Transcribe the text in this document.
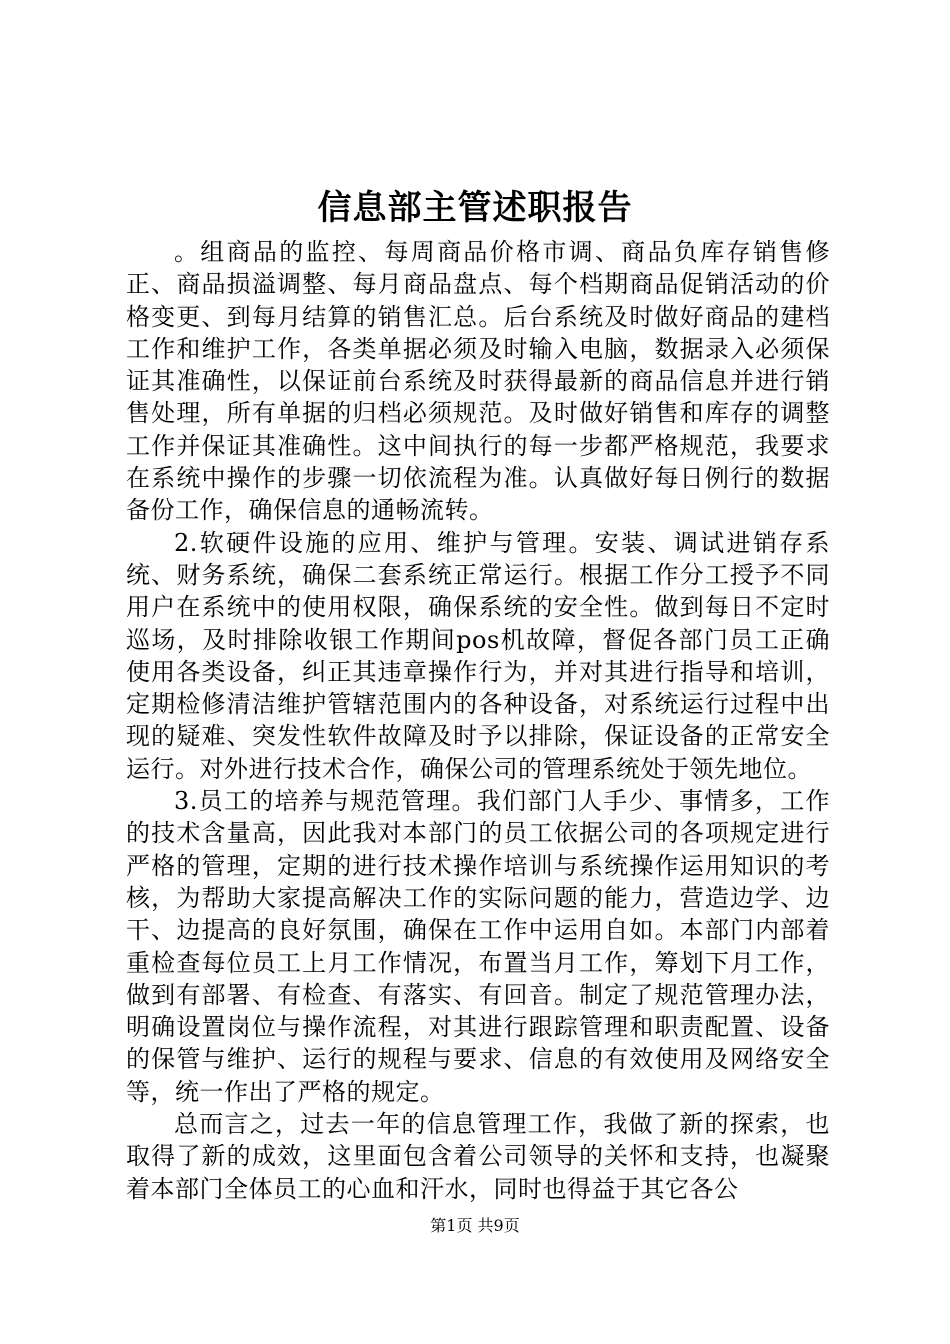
信息部主管述职报告

。组商品的监控、每周商品价格市调、商品负库存销售修正、商品损溢调整、每月商品盘点、每个档期商品促销活动的价格变更、到每月结算的销售汇总。后台系统及时做好商品的建档工作和维护工作，各类单据必须及时输入电脑，数据录入必须保证其准确性，以保证前台系统及时获得最新的商品信息并进行销售处理，所有单据的归档必须规范。及时做好销售和库存的调整工作并保证其准确性。这中间执行的每一步都严格规范，我要求在系统中操作的步骤一切依流程为准。认真做好每日例行的数据备份工作，确保信息的通畅流转。

2.软硬件设施的应用、维护与管理。安装、调试进销存系统、财务系统，确保二套系统正常运行。根据工作分工授予不同用户在系统中的使用权限，确保系统的安全性。做到每日不定时巡场，及时排除收银工作期间pos机故障，督促各部门员工正确使用各类设备，纠正其违章操作行为，并对其进行指导和培训，定期检修清洁维护管辖范围内的各种设备，对系统运行过程中出现的疑难、突发性软件故障及时予以排除，保证设备的正常安全运行。对外进行技术合作，确保公司的管理系统处于领先地位。

3.员工的培养与规范管理。我们部门人手少、事情多，工作的技术含量高，因此我对本部门的员工依据公司的各项规定进行严格的管理，定期的进行技术操作培训与系统操作运用知识的考核，为帮助大家提高解决工作的实际问题的能力，营造边学、边干、边提高的良好氛围，确保在工作中运用自如。本部门内部着重检查每位员工上月工作情况，布置当月工作，筹划下月工作，做到有部署、有检查、有落实、有回音。制定了规范管理办法，明确设置岗位与操作流程，对其进行跟踪管理和职责配置、设备的保管与维护、运行的规程与要求、信息的有效使用及网络安全等，统一作出了严格的规定。

总而言之，过去一年的信息管理工作，我做了新的探索，也取得了新的成效，这里面包含着公司领导的关怀和支持，也凝聚着本部门全体员工的心血和汗水，同时也得益于其它各公

第1页 共9页
